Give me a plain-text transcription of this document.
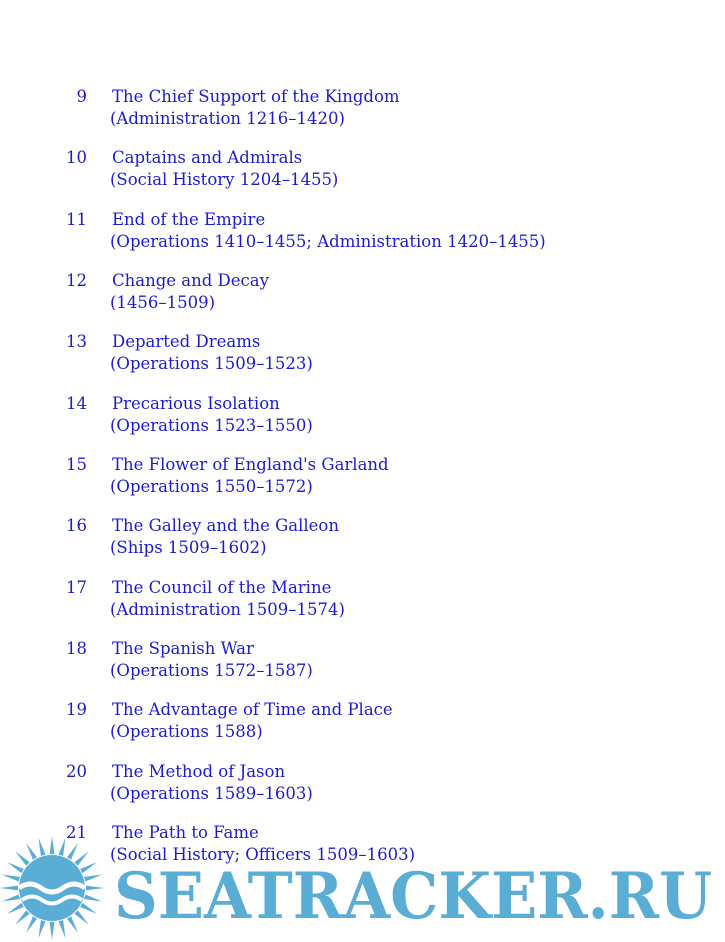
9 The Chief Support of the Kingdom
(Administration 1216–1420)
10 Captains and Admirals
(Social History 1204–1455)
11 End of the Empire
(Operations 1410–1455; Administration 1420–1455)
12 Change and Decay
(1456–1509)
13 Departed Dreams
(Operations 1509–1523)
14 Precarious Isolation
(Operations 1523–1550)
15 The Flower of England's Garland
(Operations 1550–1572)
16 The Galley and the Galleon
(Ships 1509–1602)
17 The Council of the Marine
(Administration 1509–1574)
18 The Spanish War
(Operations 1572–1587)
19 The Advantage of Time and Place
(Operations 1588)
20 The Method of Jason
(Operations 1589–1603)
21 The Path to Fame
(Social History; Officers 1509–1603)
SEATRACKER.RU
